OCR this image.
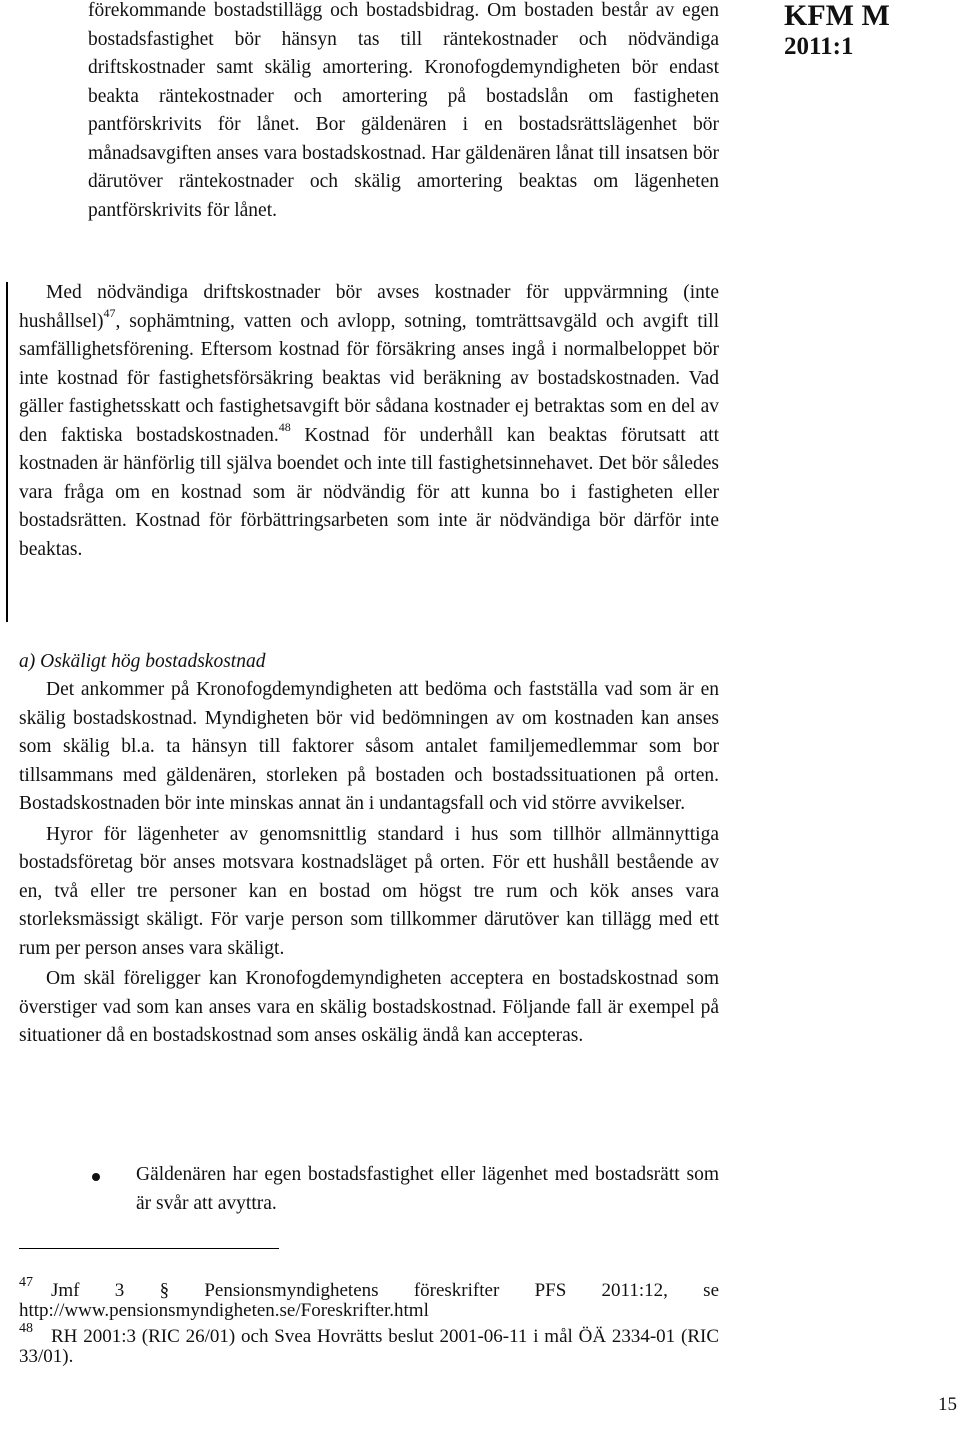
KFM M
2011:1

förekommande bostadstillägg och bostadsbidrag. Om bostaden består av egen bostadsfastighet bör hänsyn tas till räntekostnader och nödvändiga driftskostnader samt skälig amortering. Kronofogdemyndigheten bör endast beakta räntekostnader och amortering på bostadslån om fastigheten pantförskrivits för lånet. Bor gäldenären i en bostadsrättslägenhet bör månadsavgiften anses vara bostadskostnad. Har gäldenären lånat till insatsen bör därutöver räntekostnader och skälig amortering beaktas om lägenheten pantförskrivits för lånet.

Med nödvändiga driftskostnader bör avses kostnader för uppvärmning (inte hushållsel)$^{47}$, sophämtning, vatten och avlopp, sotning, tomträttsavgäld och avgift till samfällighetsförening. Eftersom kostnad för försäkring anses ingå i normalbeloppet bör inte kostnad för fastighetsförsäkring beaktas vid beräkning av bostadskostnaden. Vad gäller fastighetsskatt och fastighetsavgift bör sådana kostnader ej betraktas som en del av den faktiska bostadskostnaden.$^{48}$ Kostnad för underhåll kan beaktas förutsatt att kostnaden är hänförlig till själva boendet och inte till fastighetsinnehavet. Det bör således vara fråga om en kostnad som är nödvändig för att kunna bo i fastigheten eller bostadsrätten. Kostnad för förbättringsarbeten som inte är nödvändiga bör därför inte beaktas.

a) Oskäligt hög bostadskostnad

Det ankommer på Kronofogdemyndigheten att bedöma och fastställa vad som är en skälig bostadskostnad. Myndigheten bör vid bedömningen av om kostnaden kan anses som skälig bl.a. ta hänsyn till faktorer såsom antalet familjemedlemmar som bor tillsammans med gäldenären, storleken på bostaden och bostadssituationen på orten. Bostadskostnaden bör inte minskas annat än i undantagsfall och vid större avvikelser.

Hyror för lägenheter av genomsnittlig standard i hus som tillhör allmännyttiga bostadsföretag bör anses motsvara kostnadsläget på orten. För ett hushåll bestående av en, två eller tre personer kan en bostad om högst tre rum och kök anses vara storleksmässigt skäligt. För varje person som tillkommer därutöver kan tillägg med ett rum per person anses vara skäligt.

Om skäl föreligger kan Kronofogdemyndigheten acceptera en bostadskostnad som överstiger vad som kan anses vara en skälig bostadskostnad. Följande fall är exempel på situationer då en bostadskostnad som anses oskälig ändå kan accepteras.

Gäldenären har egen bostadsfastighet eller lägenhet med bostadsrätt som är svår att avyttra.

$^{47}$ Jmf 3 § Pensionsmyndighetens föreskrifter PFS 2011:12, se http://www.pensionsmyndigheten.se/Foreskrifter.html

$^{48}$ RH 2001:3 (RIC 26/01) och Svea Hovrätts beslut 2001-06-11 i mål ÖÄ 2334-01 (RIC 33/01).

15
